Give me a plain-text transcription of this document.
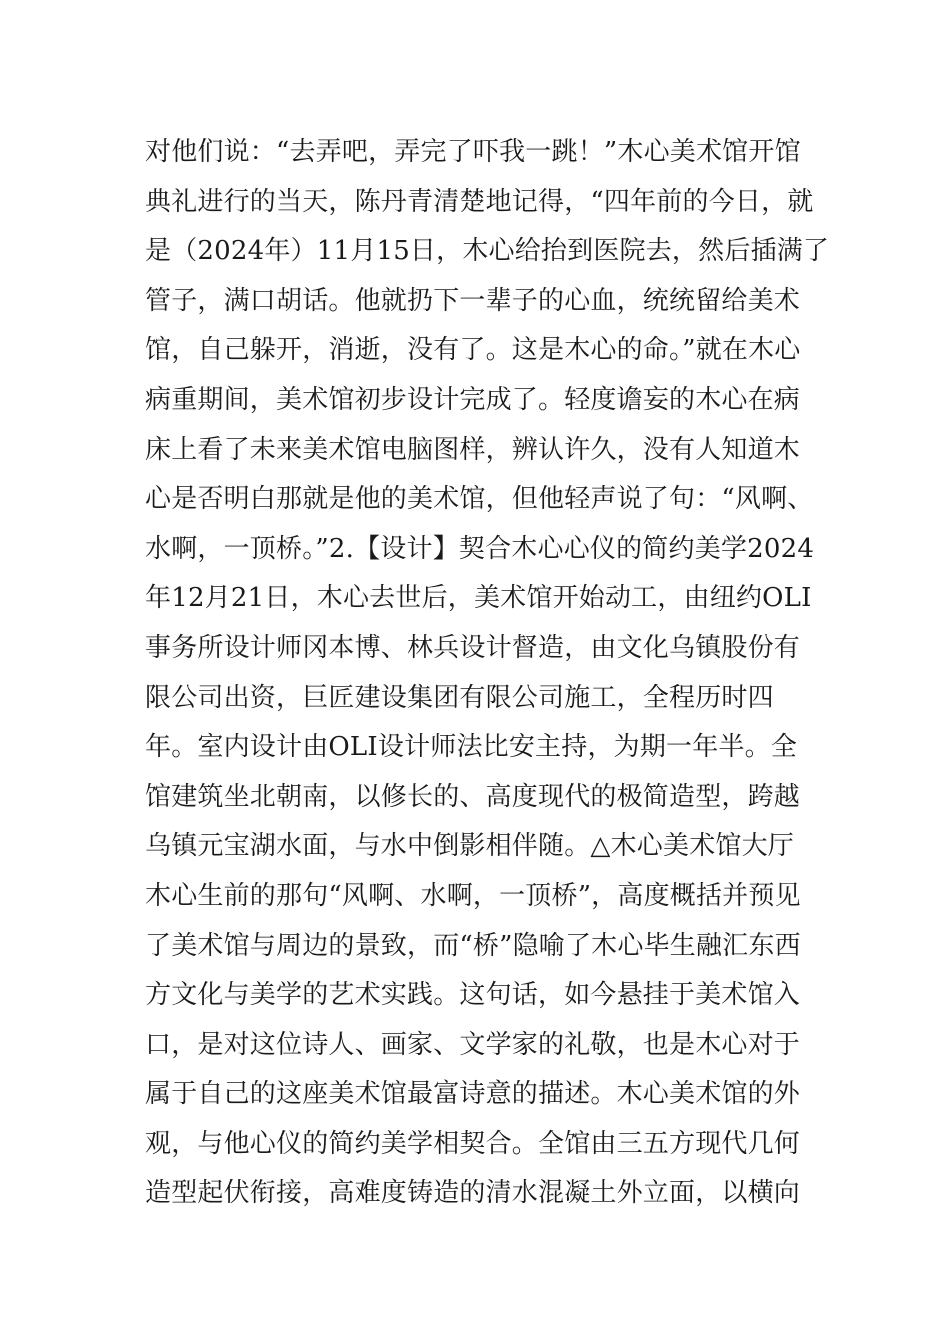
对他们说：“去弄吧，弄完了吓我一跳！”木心美术馆开馆
典礼进行的当天，陈丹青清楚地记得，“四年前的今日，就
是（2024年）11月15日，木心给抬到医院去，然后插满了
管子，满口胡话。他就扔下一辈子的心血，统统留给美术
馆，自己躲开，消逝，没有了。这是木心的命。”就在木心
病重期间，美术馆初步设计完成了。轻度谵妄的木心在病
床上看了未来美术馆电脑图样，辨认许久，没有人知道木
心是否明白那就是他的美术馆，但他轻声说了句：“风啊、
水啊，一顶桥。”2.【设计】契合木心心仪的简约美学2024
年12月21日，木心去世后，美术馆开始动工，由纽约OLI
事务所设计师冈本博、林兵设计督造，由文化乌镇股份有
限公司出资，巨匠建设集团有限公司施工，全程历时四
年。室内设计由OLI设计师法比安主持，为期一年半。全
馆建筑坐北朝南，以修长的、高度现代的极简造型，跨越
乌镇元宝湖水面，与水中倒影相伴随。△木心美术馆大厅
木心生前的那句“风啊、水啊，一顶桥”，高度概括并预见
了美术馆与周边的景致，而“桥”隐喻了木心毕生融汇东西
方文化与美学的艺术实践。这句话，如今悬挂于美术馆入
口，是对这位诗人、画家、文学家的礼敬，也是木心对于
属于自己的这座美术馆最富诗意的描述。木心美术馆的外
观，与他心仪的简约美学相契合。全馆由三五方现代几何
造型起伏衔接，高难度铸造的清水混凝土外立面，以横向
